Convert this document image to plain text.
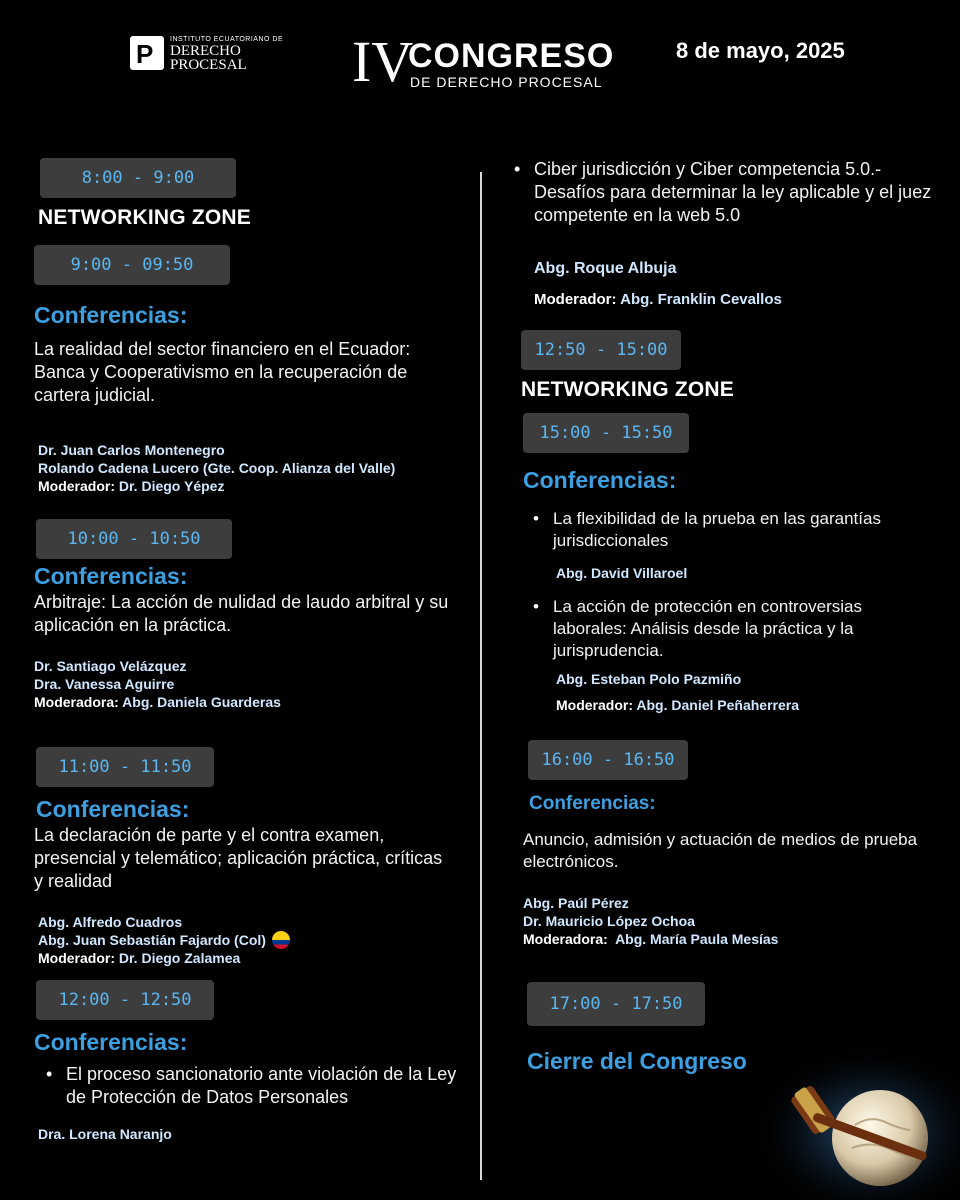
P INSTITUTO ECUATORIANO DE
DERECHO
PROCESAL IV
CONGRESO
DE DERECHO PROCESAL
8 de mayo, 2025
8:00 - 9:00
NETWORKING ZONE
9:00 - 09:50
Conferencias:
La realidad del sector financiero en el Ecuador: Banca y Cooperativismo en la recuperación de cartera judicial.
Dr. Juan Carlos Montenegro
Rolando Cadena Lucero (Gte. Coop. Alianza del Valle)
Moderador: Dr. Diego Yépez
10:00 - 10:50
Conferencias:
Arbitraje: La acción de nulidad de laudo arbitral y su aplicación en la práctica.
Dr. Santiago Velázquez
Dra. Vanessa Aguirre
Moderadora: Abg. Daniela Guarderas
11:00 - 11:50
Conferencias:
La declaración de parte y el contra examen, presencial y telemático; aplicación práctica, críticas y realidad
Abg. Alfredo Cuadros
Abg. Juan Sebastián Fajardo (Col)
Moderador: Dr. Diego Zalamea
12:00 - 12:50
Conferencias:
• El proceso sancionatorio ante violación de la Ley de Protección de Datos Personales
Dra. Lorena Naranjo
• Ciber jurisdicción y Ciber competencia 5.0.- Desafíos para determinar la ley aplicable y el juez competente en la web 5.0
Abg. Roque Albuja
Moderador: Abg. Franklin Cevallos
12:50 - 15:00
NETWORKING ZONE
15:00 - 15:50
Conferencias:
• La flexibilidad de la prueba en las garantías jurisdiccionales
Abg. David Villaroel
• La acción de protección en controversias laborales: Análisis desde la práctica y la jurisprudencia.
Abg. Esteban Polo Pazmiño
Moderador: Abg. Daniel Peñaherrera
16:00 - 16:50
Conferencias:
Anuncio, admisión y actuación de medios de prueba electrónicos.
Abg. Paúl Pérez
Dr. Mauricio López Ochoa
Moderadora: Abg. María Paula Mesías
17:00 - 17:50
Cierre del Congreso
